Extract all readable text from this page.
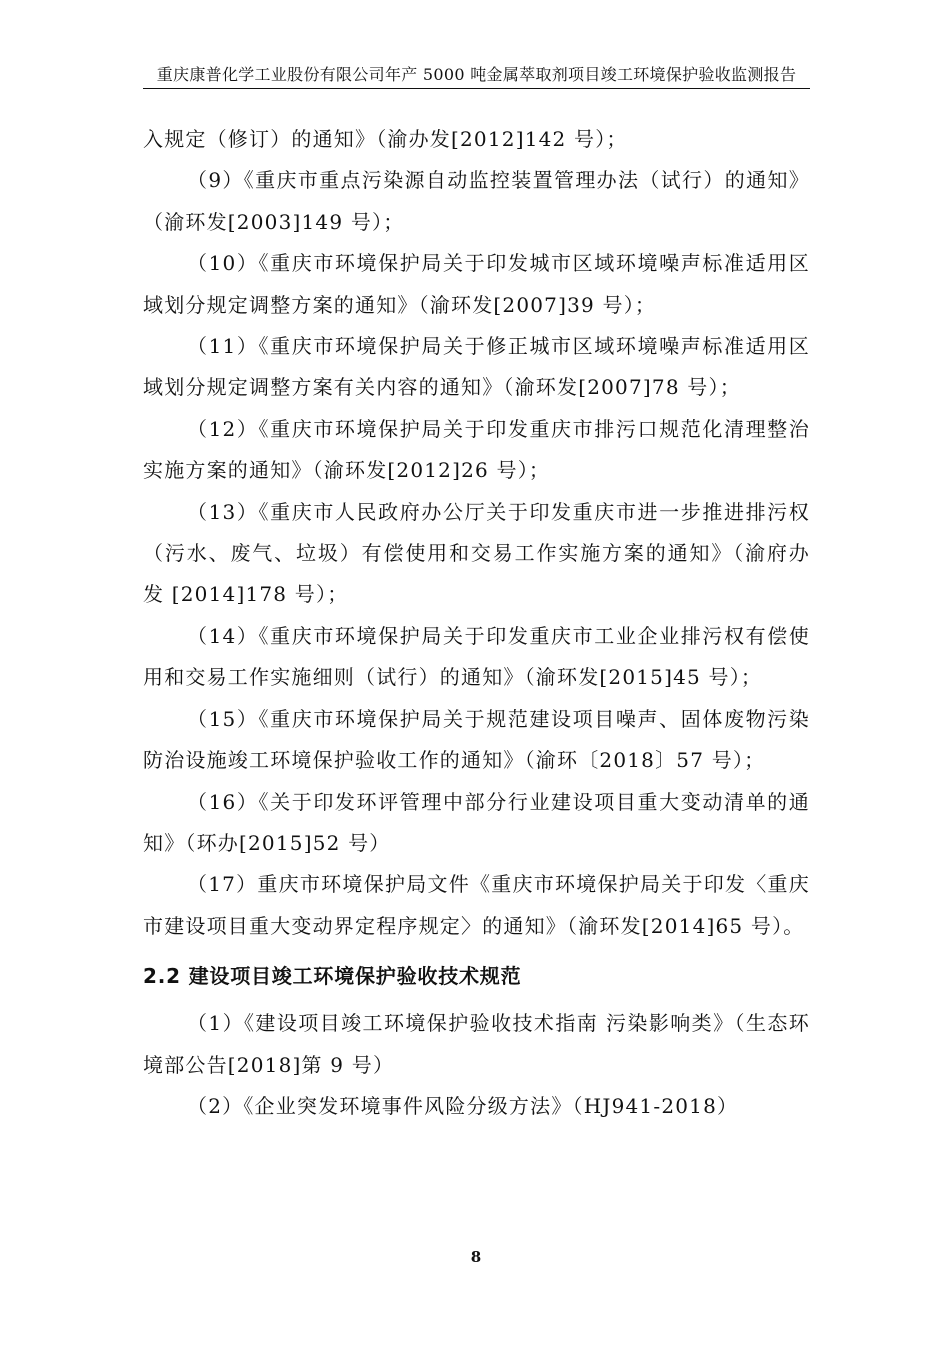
重庆康普化学工业股份有限公司年产 5000 吨金属萃取剂项目竣工环境保护验收监测报告

入规定（修订）的通知》（渝办发[2012]142 号）；

（9）《重庆市重点污染源自动监控装置管理办法（试行）的通知》（渝环发[2003]149 号）；

（10）《重庆市环境保护局关于印发城市区域环境噪声标准适用区域划分规定调整方案的通知》（渝环发[2007]39 号）；

（11）《重庆市环境保护局关于修正城市区域环境噪声标准适用区域划分规定调整方案有关内容的通知》（渝环发[2007]78 号）；

（12）《重庆市环境保护局关于印发重庆市排污口规范化清理整治实施方案的通知》（渝环发[2012]26 号）；

（13）《重庆市人民政府办公厅关于印发重庆市进一步推进排污权（污水、废气、垃圾）有偿使用和交易工作实施方案的通知》（渝府办发 [2014]178 号）；

（14）《重庆市环境保护局关于印发重庆市工业企业排污权有偿使用和交易工作实施细则（试行）的通知》（渝环发[2015]45 号）；

（15）《重庆市环境保护局关于规范建设项目噪声、固体废物污染防治设施竣工环境保护验收工作的通知》（渝环〔2018〕57 号）；

（16）《关于印发环评管理中部分行业建设项目重大变动清单的通知》（环办[2015]52 号）

（17）重庆市环境保护局文件《重庆市环境保护局关于印发〈重庆市建设项目重大变动界定程序规定〉的通知》（渝环发[2014]65 号）。

2.2 建设项目竣工环境保护验收技术规范

（1）《建设项目竣工环境保护验收技术指南 污染影响类》（生态环境部公告[2018]第 9 号）

（2）《企业突发环境事件风险分级方法》（HJ941-2018）

8
